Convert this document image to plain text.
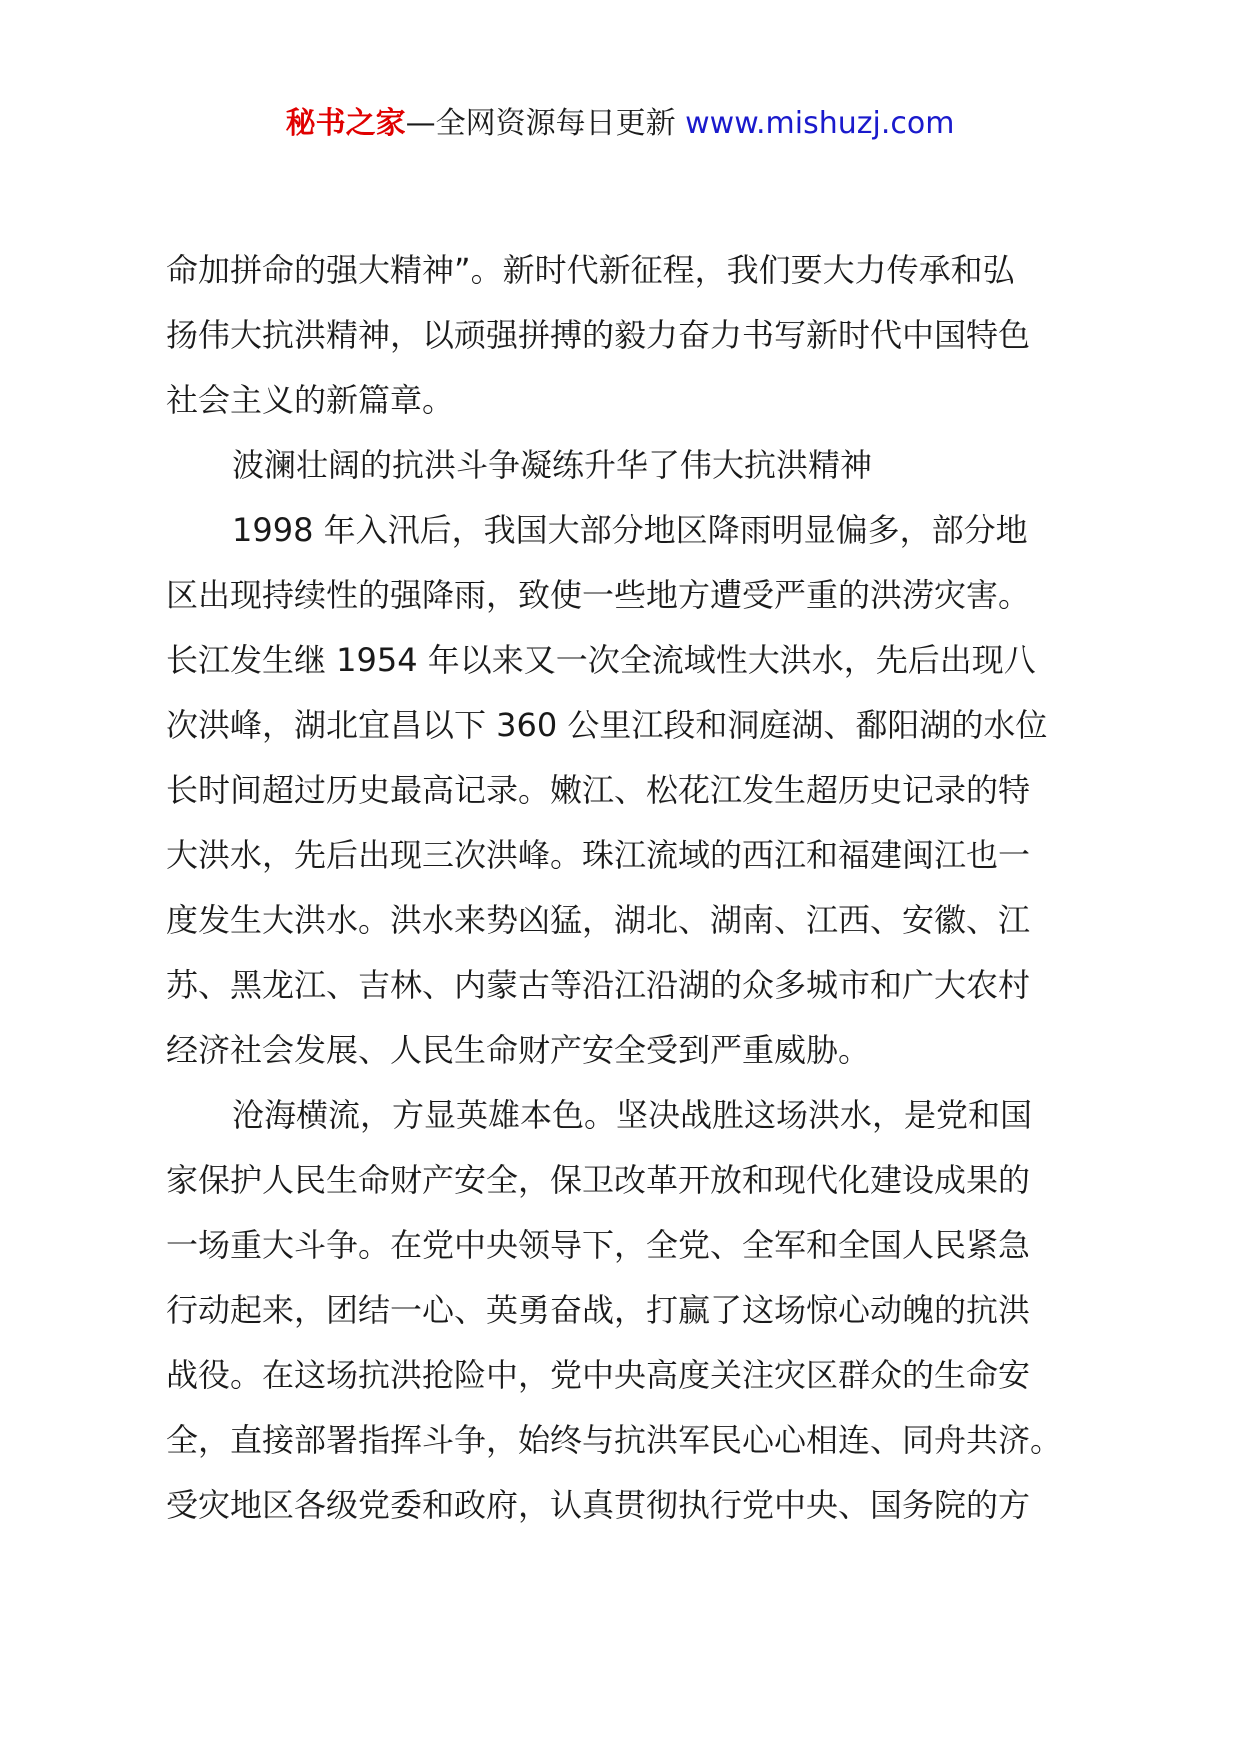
秘书之家—全网资源每日更新 www.mishuzj.com
命加拼命的强大精神”。新时代新征程，我们要大力传承和弘
扬伟大抗洪精神，以顽强拼搏的毅力奋力书写新时代中国特色
社会主义的新篇章。
波澜壮阔的抗洪斗争凝练升华了伟大抗洪精神
1998 年入汛后，我国大部分地区降雨明显偏多，部分地
区出现持续性的强降雨，致使一些地方遭受严重的洪涝灾害。
长江发生继 1954 年以来又一次全流域性大洪水，先后出现八
次洪峰，湖北宜昌以下 360 公里江段和洞庭湖、鄱阳湖的水位
长时间超过历史最高记录。嫩江、松花江发生超历史记录的特
大洪水，先后出现三次洪峰。珠江流域的西江和福建闽江也一
度发生大洪水。洪水来势凶猛，湖北、湖南、江西、安徽、江
苏、黑龙江、吉林、内蒙古等沿江沿湖的众多城市和广大农村
经济社会发展、人民生命财产安全受到严重威胁。
沧海横流，方显英雄本色。坚决战胜这场洪水，是党和国
家保护人民生命财产安全，保卫改革开放和现代化建设成果的
一场重大斗争。在党中央领导下，全党、全军和全国人民紧急
行动起来，团结一心、英勇奋战，打赢了这场惊心动魄的抗洪
战役。在这场抗洪抢险中，党中央高度关注灾区群众的生命安
全，直接部署指挥斗争，始终与抗洪军民心心相连、同舟共济。
受灾地区各级党委和政府，认真贯彻执行党中央、国务院的方
